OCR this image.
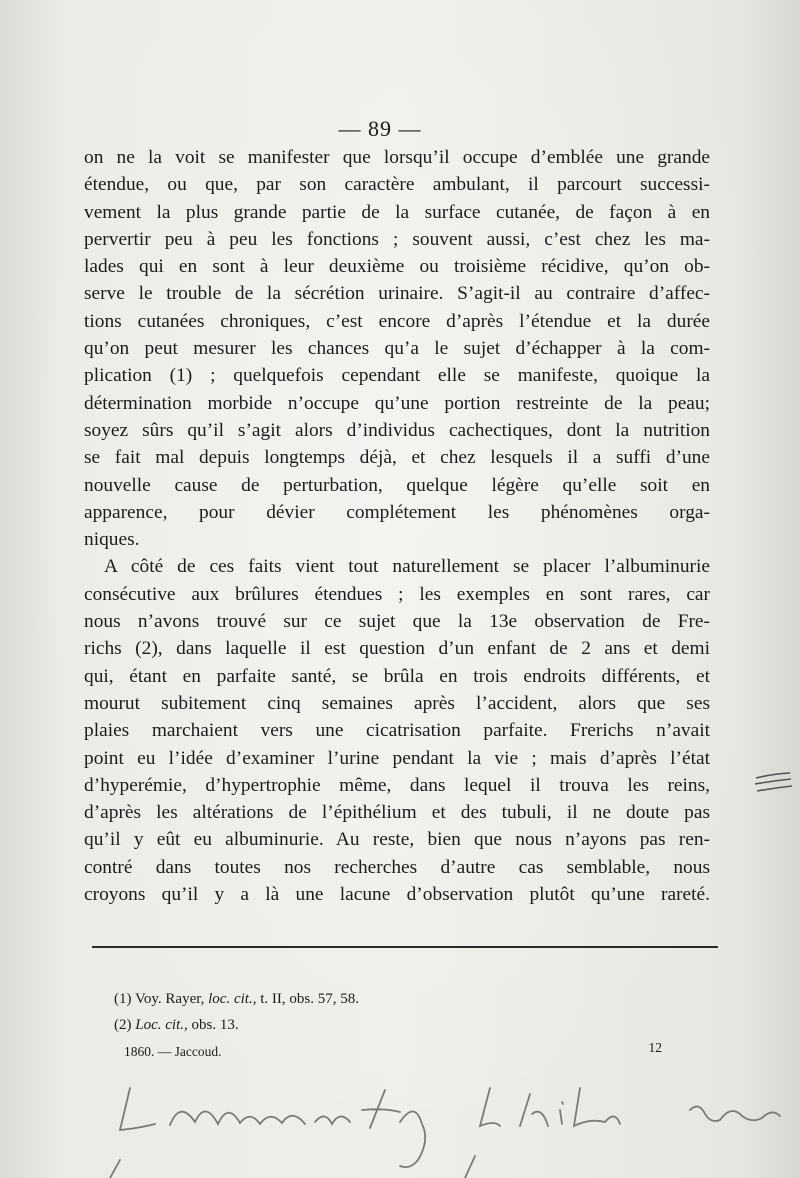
— 89 —
on ne la voit se manifester que lorsqu’il occupe d’emblée une grande
étendue, ou que, par son caractère ambulant, il parcourt successi-
vement la plus grande partie de la surface cutanée, de façon à en
pervertir peu à peu les fonctions ; souvent aussi, c’est chez les ma-
lades qui en sont à leur deuxième ou troisième récidive, qu’on ob-
serve le trouble de la sécrétion urinaire. S’agit-il au contraire d’affec-
tions cutanées chroniques, c’est encore d’après l’étendue et la durée
qu’on peut mesurer les chances qu’a le sujet d’échapper à la com-
plication (1) ; quelquefois cependant elle se manifeste, quoique la
détermination morbide n’occupe qu’une portion restreinte de la peau;
soyez sûrs qu’il s’agit alors d’individus cachectiques, dont la nutrition
se fait mal depuis longtemps déjà, et chez lesquels il a suffi d’une
nouvelle cause de perturbation, quelque légère qu’elle soit en
apparence, pour dévier complétement les phénomènes orga-
niques.
A côté de ces faits vient tout naturellement se placer l’albuminurie
consécutive aux brûlures étendues ; les exemples en sont rares, car
nous n’avons trouvé sur ce sujet que la 13e observation de Fre-
richs (2), dans laquelle il est question d’un enfant de 2 ans et demi
qui, étant en parfaite santé, se brûla en trois endroits différents, et
mourut subitement cinq semaines après l’accident, alors que ses
plaies marchaient vers une cicatrisation parfaite. Frerichs n’avait
point eu l’idée d’examiner l’urine pendant la vie ; mais d’après l’état
d’hyperémie, d’hypertrophie même, dans lequel il trouva les reins,
d’après les altérations de l’épithélium et des tubuli, il ne doute pas
qu’il y eût eu albuminurie. Au reste, bien que nous n’ayons pas ren-
contré dans toutes nos recherches d’autre cas semblable, nous
croyons qu’il y a là une lacune d’observation plutôt qu’une rareté.
(1) Voy. Rayer, loc. cit., t. II, obs. 57, 58.
(2) Loc. cit., obs. 13.
1860. — Jaccoud.	12
